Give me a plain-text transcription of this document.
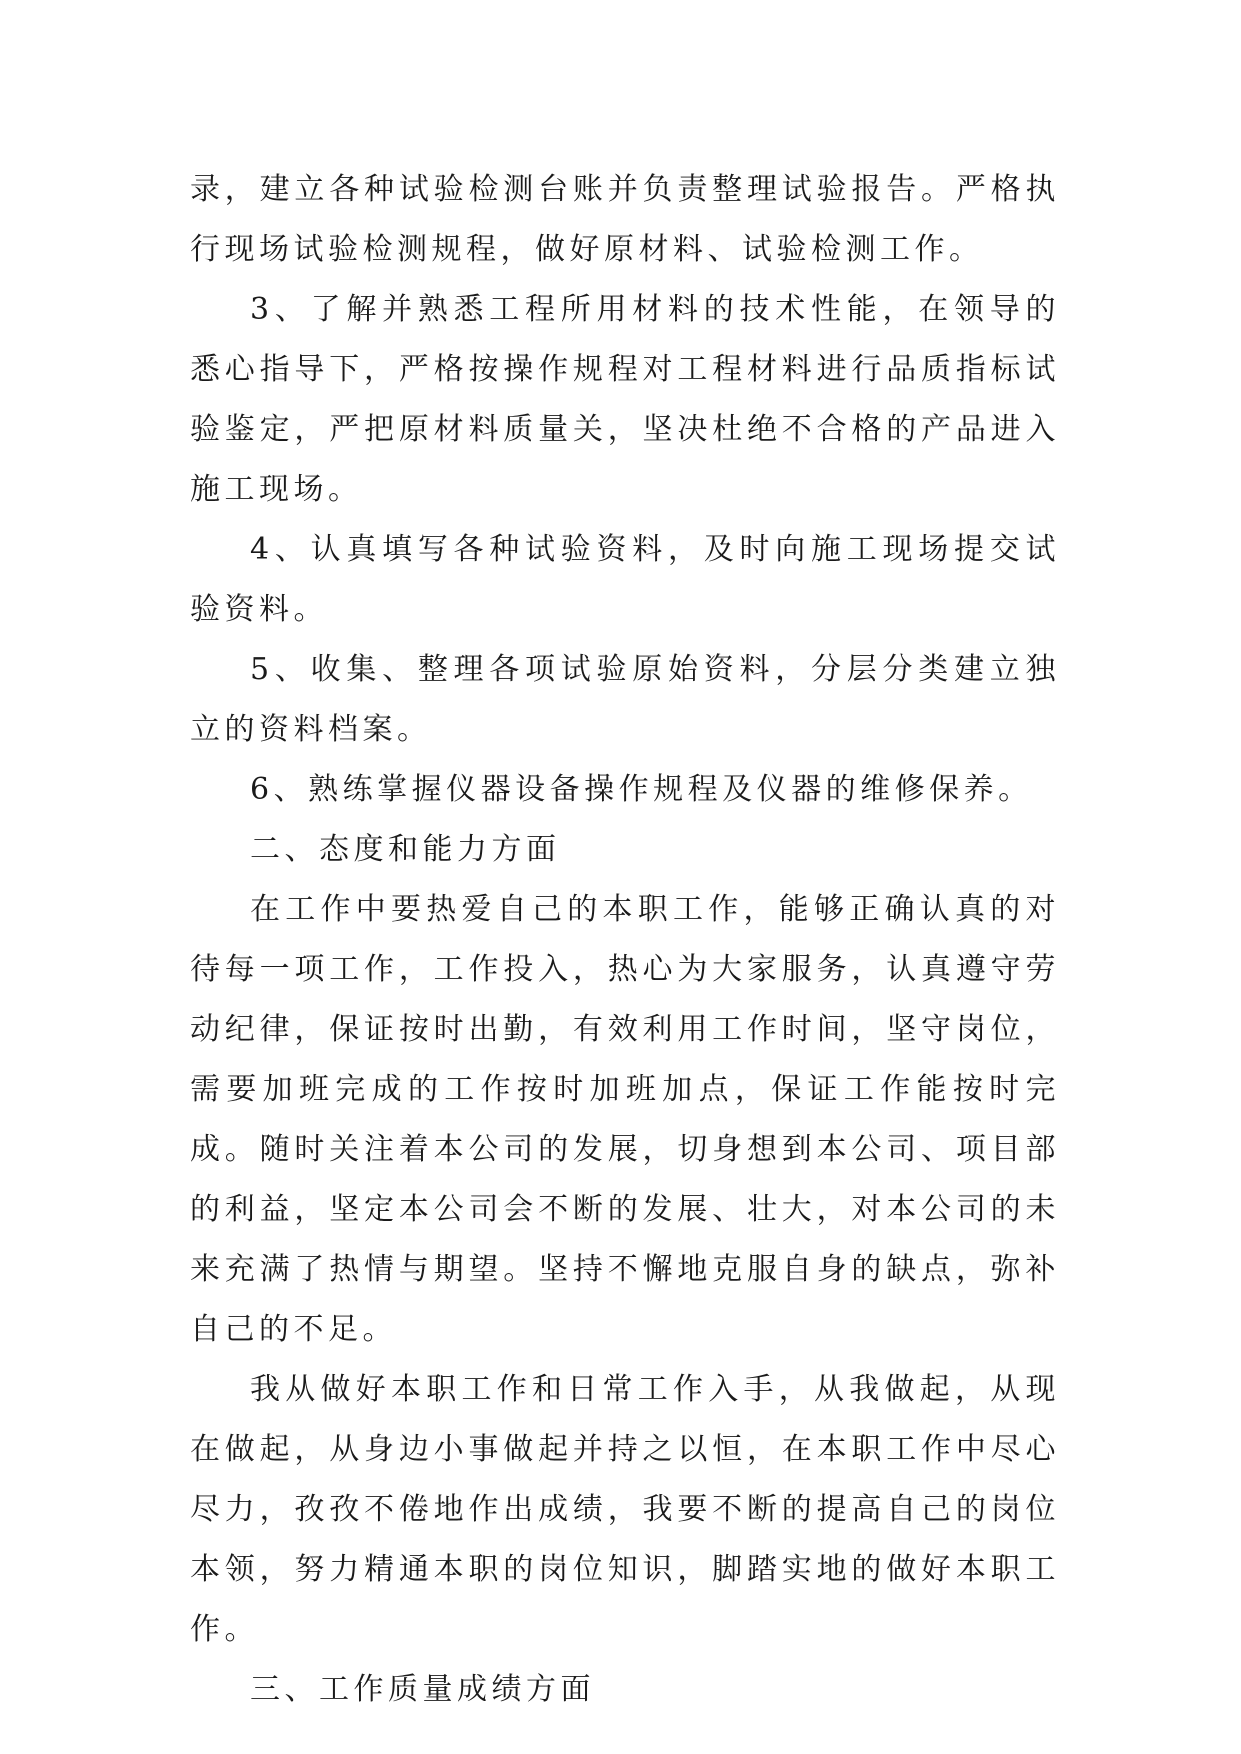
录，建立各种试验检测台账并负责整理试验报告。严格执行现场试验检测规程，做好原材料、试验检测工作。

3、了解并熟悉工程所用材料的技术性能，在领导的悉心指导下，严格按操作规程对工程材料进行品质指标试验鉴定，严把原材料质量关，坚决杜绝不合格的产品进入施工现场。

4、认真填写各种试验资料，及时向施工现场提交试验资料。

5、收集、整理各项试验原始资料，分层分类建立独立的资料档案。

6、熟练掌握仪器设备操作规程及仪器的维修保养。

二、态度和能力方面

在工作中要热爱自己的本职工作，能够正确认真的对待每一项工作，工作投入，热心为大家服务，认真遵守劳动纪律，保证按时出勤，有效利用工作时间，坚守岗位，需要加班完成的工作按时加班加点，保证工作能按时完成。随时关注着本公司的发展，切身想到本公司、项目部的利益，坚定本公司会不断的发展、壮大，对本公司的未来充满了热情与期望。坚持不懈地克服自身的缺点，弥补自己的不足。

我从做好本职工作和日常工作入手，从我做起，从现在做起，从身边小事做起并持之以恒，在本职工作中尽心尽力，孜孜不倦地作出成绩，我要不断的提高自己的岗位本领，努力精通本职的岗位知识，脚踏实地的做好本职工作。

三、工作质量成绩方面
